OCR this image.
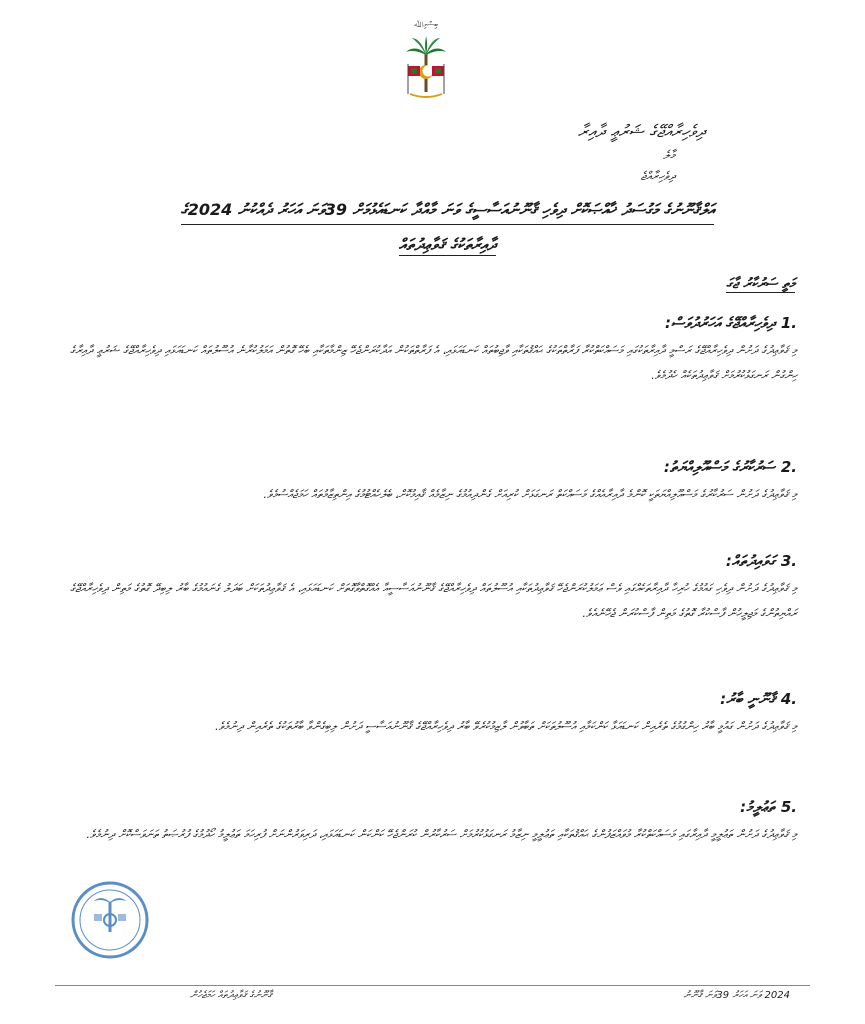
ބިސްމިﷲ
ދިވެހިރާއްޖޭގެ ޝަރުޢީ ދާއިރާ
މާލެ
ދިވެހިރާއްޖެ
އަލްޤާނޫނުގެ މަގުސަދު ޚާއްޞަކޮށް ދިވެހި ޤާނޫނުއަސާސީގެ ވަނަ މާއްދާ ކަނޑައެޅުމަށް 39ވަނަ އަހަރު ދެއްކުނު 2024ގެ
ދާއިރާތަކުގެ ޤަވާޢިދުތައް
މަތީ ސަރުކާރު ޖާގަ
1.
ދިވެހިރާއްޖޭގެ އަހަރުދުވަސް:
މި ޤަވާޢިދުގެ ދަށުން ދިވެހިރާއްޖޭގެ ރަސްމީ ދާއިރާތަކުގައި މަސައްކަތްކުރާ ފަރާތްތަކުގެ ޙައްޤުތަކާއި ވާޖިބުތައް ކަނޑައަޅައި، އެ ފަރާތްތަކުން އަދާކުރަންޖެހޭ ޒިންމާތަކާއި ބެހޭ ގޮތުން އަމަލުކުރާނެ އުސޫލުތައް ކަނޑައަޅައި ދިވެހިރާއްޖޭގެ ޝަރުޢީ ދާއިރާގެ ހިންގުން ރަނގަޅުކުރުމަށް ޤަވާޢިދުތަކެއް ހެދުމެވެ.
2.
ސަރުކާރުގެ މަސްއޫލިއްޔަތު:
މި ޤަވާޢިދުގެ ދަށުން ސަރުކާރުގެ މަސްއޫލިއްޔަތަކީ ކޮންމެ ދާއިރާއެއްގެ މަސައްކަތް ރަނގަޅަށް ކުރިއަށް ގެންދިއުމުގެ ނިޒާމެއް ޤާއިމުކޮށް، ބެލެހެއްޓުމުގެ އިންތިޒާމުތައް ހަމަޖެއްސުމެވެ.
3.
ގަވައިދުތައް:
މި ޤަވާޢިދުގެ ދަށުން ދިވެހި ގައުމުގެ ހުރިހާ ދާއިރާތަކެއްގައި ވެސް ޢަމަލުކުރަންޖެހޭ ޤަވާޢިދުތަކާއި އުސޫލުތައް ދިވެހިރާއްޖޭގެ ޤާނޫނުއަސާސީއާ އެއްގޮތްވާގޮތަށް ކަނޑައަޅައި، އެ ޤަވާޢިދުތަކަށް ބަދަލު ގެނައުމުގެ ބާރު ލިބިދޭ ގޮތުގެ މަތިން ދިވެހިރާއްޖޭގެ ރައްޔިތުންގެ މަޖިލީހުން ފާސްކުރާ ގޮތުގެ މަތިން ފާސްކުރަން ޖެހޭނެއެވެ.
4.
ޤާނޫނީ ބާރު:
މި ޤަވާޢިދުގެ ދަށުން ގައުމީ ބާރު ހިންގުމުގެ ތެރެއިން ކަނޑައަޅާ ކަންކަމާއި އުސޫލުތަކަށް ތަބާވުން ލާޒިމުކުރެވޭ ބާރު ދިވެހިރާއްޖޭގެ ޤާނޫނުއަސާސީ ދަށުން ލިބިގެންވާ ބާރުތަކުގެ ތެރެއިން ދިނުމެވެ.
5.
ތަޢުލީމު:
މި ޤަވާޢިދުގެ ދަށުން ތަޢުލީމީ ދާއިރާގައި މަސައްކަތްކުރާ މުވައްޒަފުންގެ ޙައްޤުތަކާއި ތަޢުލީމީ ނިޒާމު ރަނގަޅުކުރުމަށް ސަރުކާރުން ކުރަންޖެހޭ ކަންކަން ކަނޑައަޅައި، ދަރިވަރުންނަށް ފުރިހަމަ ތަޢުލީމު ހޯދުމުގެ ފުރުޞަތު ތަނަވަސްކޮށް ދިނުމެވެ.
ޤާނޫނުގެ ޤަވާޢިދުތައް ހަމަޖެހުން	2024 ވަނަ އަހަރު 39ވަނަ ޤާނޫނު
